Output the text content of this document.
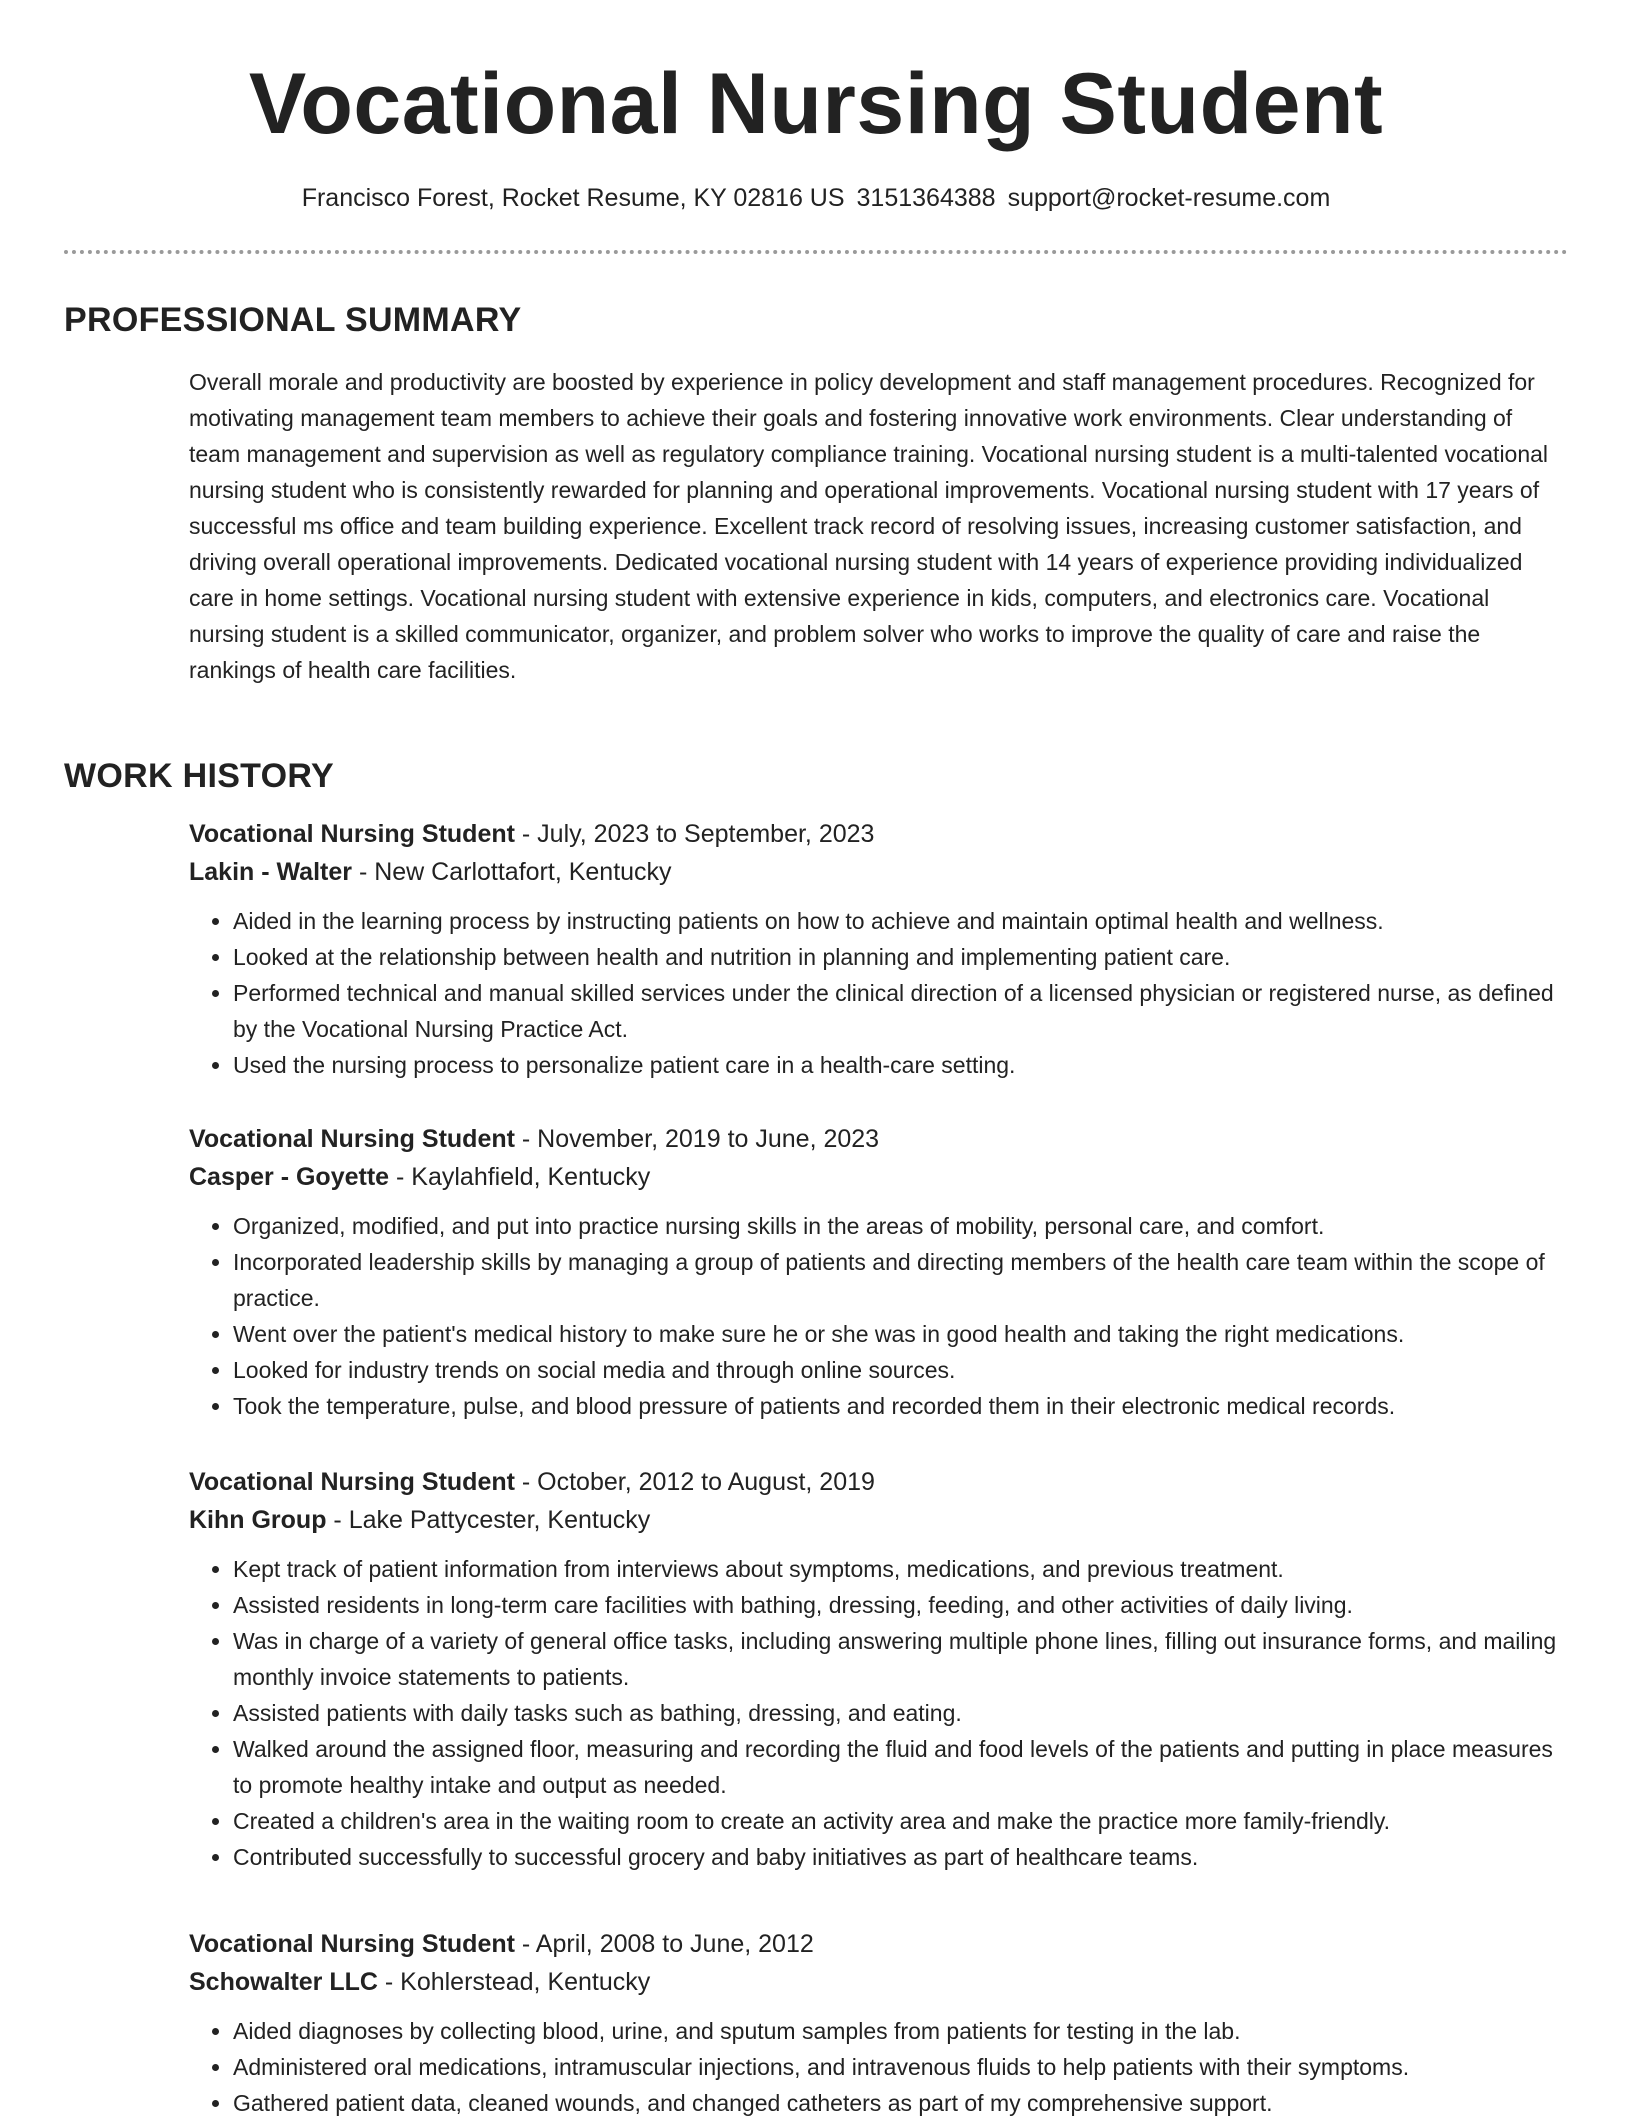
Vocational Nursing Student
Francisco Forest, Rocket Resume, KY 02816 US 3151364388 support@rocket-resume.com
PROFESSIONAL SUMMARY

Overall morale and productivity are boosted by experience in policy development and staff management procedures. Recognized for motivating management team members to achieve their goals and fostering innovative work environments. Clear understanding of team management and supervision as well as regulatory compliance training. Vocational nursing student is a multi-talented vocational nursing student who is consistently rewarded for planning and operational improvements. Vocational nursing student with 17 years of successful ms office and team building experience. Excellent track record of resolving issues, increasing customer satisfaction, and driving overall operational improvements. Dedicated vocational nursing student with 14 years of experience providing individualized care in home settings. Vocational nursing student with extensive experience in kids, computers, and electronics care. Vocational nursing student is a skilled communicator, organizer, and problem solver who works to improve the quality of care and raise the rankings of health care facilities.

WORK HISTORY

Vocational Nursing Student - July, 2023 to September, 2023

Lakin - Walter - New Carlottafort, Kentucky

• Aided in the learning process by instructing patients on how to achieve and maintain optimal health and wellness.
• Looked at the relationship between health and nutrition in planning and implementing patient care.
• Performed technical and manual skilled services under the clinical direction of a licensed physician or registered nurse, as defined by the Vocational Nursing Practice Act.
• Used the nursing process to personalize patient care in a health-care setting.

Vocational Nursing Student - November, 2019 to June, 2023

Casper - Goyette - Kaylahfield, Kentucky

• Organized, modified, and put into practice nursing skills in the areas of mobility, personal care, and comfort.
• Incorporated leadership skills by managing a group of patients and directing members of the health care team within the scope of practice.
• Went over the patient's medical history to make sure he or she was in good health and taking the right medications.
• Looked for industry trends on social media and through online sources.
• Took the temperature, pulse, and blood pressure of patients and recorded them in their electronic medical records.

Vocational Nursing Student - October, 2012 to August, 2019

Kihn Group - Lake Pattycester, Kentucky

• Kept track of patient information from interviews about symptoms, medications, and previous treatment.
• Assisted residents in long-term care facilities with bathing, dressing, feeding, and other activities of daily living.
• Was in charge of a variety of general office tasks, including answering multiple phone lines, filling out insurance forms, and mailing monthly invoice statements to patients.
• Assisted patients with daily tasks such as bathing, dressing, and eating.
• Walked around the assigned floor, measuring and recording the fluid and food levels of the patients and putting in place measures to promote healthy intake and output as needed.
• Created a children's area in the waiting room to create an activity area and make the practice more family-friendly.
• Contributed successfully to successful grocery and baby initiatives as part of healthcare teams.

Vocational Nursing Student - April, 2008 to June, 2012

Schowalter LLC - Kohlerstead, Kentucky

• Aided diagnoses by collecting blood, urine, and sputum samples from patients for testing in the lab.
• Administered oral medications, intramuscular injections, and intravenous fluids to help patients with their symptoms.
• Gathered patient data, cleaned wounds, and changed catheters as part of my comprehensive support.
